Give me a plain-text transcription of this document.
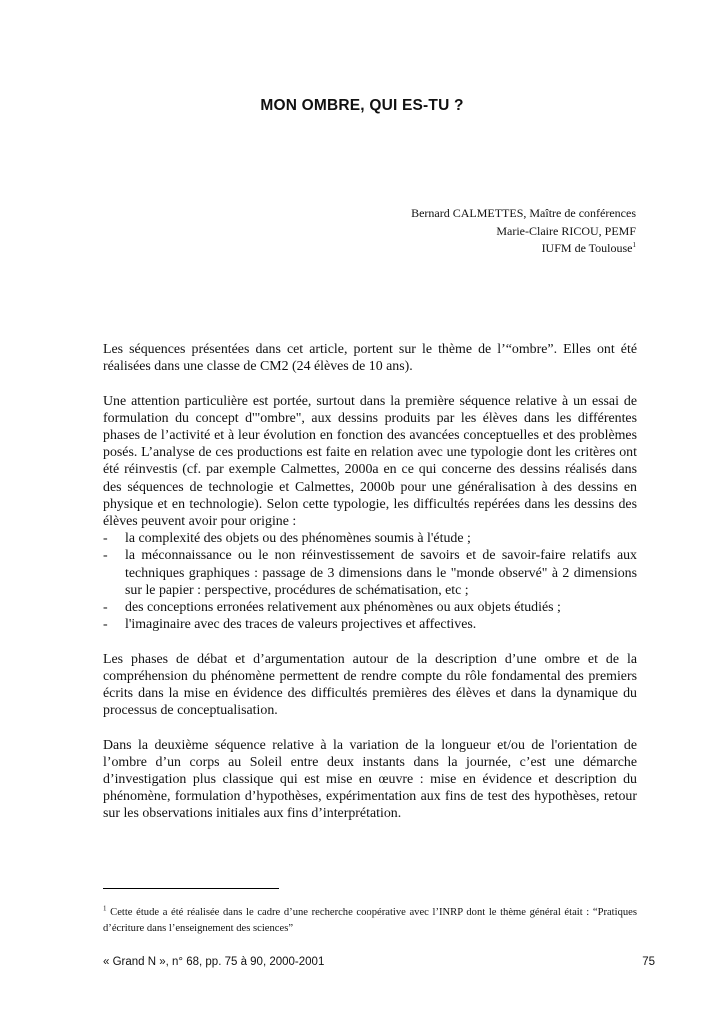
MON OMBRE, QUI ES-TU ?
Bernard CALMETTES, Maître de conférences
Marie-Claire RICOU, PEMF
IUFM de Toulouse$^1$

Les séquences présentées dans cet article, portent sur le thème de l’“ombre”. Elles ont été réalisées dans une classe de CM2 (24 élèves de 10 ans).

Une attention particulière est portée, surtout dans la première séquence relative à un essai de formulation du concept d'"ombre", aux dessins produits par les élèves dans les différentes phases de l’activité et à leur évolution en fonction des avancées conceptuelles et des problèmes posés. L’analyse de ces productions est faite en relation avec une typologie dont les critères ont été réinvestis (cf. par exemple Calmettes, 2000a en ce qui concerne des dessins réalisés dans des séquences de technologie et Calmettes, 2000b pour une généralisation à des dessins en physique et en technologie). Selon cette typologie, les difficultés repérées dans les dessins des élèves peuvent avoir pour origine :

- la complexité des objets ou des phénomènes soumis à l'étude ;
- la méconnaissance ou le non réinvestissement de savoirs et de savoir-faire relatifs aux techniques graphiques : passage de 3 dimensions dans le "monde observé" à 2 dimensions sur le papier : perspective, procédures de schématisation, etc ;
- des conceptions erronées relativement aux phénomènes ou aux objets étudiés ;
- l'imaginaire avec des traces de valeurs projectives et affectives.

Les phases de débat et d’argumentation autour de la description d’une ombre et de la compréhension du phénomène permettent de rendre compte du rôle fondamental des premiers écrits dans la mise en évidence des difficultés premières des élèves et dans la dynamique du processus de conceptualisation.

Dans la deuxième séquence relative à la variation de la longueur et/ou de l'orientation de l’ombre d’un corps au Soleil entre deux instants dans la journée, c’est une démarche d’investigation plus classique qui est mise en œuvre : mise en évidence et description du phénomène, formulation d’hypothèses, expérimentation aux fins de test des hypothèses, retour sur les observations initiales aux fins d’interprétation.

$^1$ Cette étude a été réalisée dans le cadre d’une recherche coopérative avec l’INRP dont le thème général était : “Pratiques d’écriture dans l’enseignement des sciences”
« Grand N », n° 68, pp. 75 à 90, 2000-2001	75
